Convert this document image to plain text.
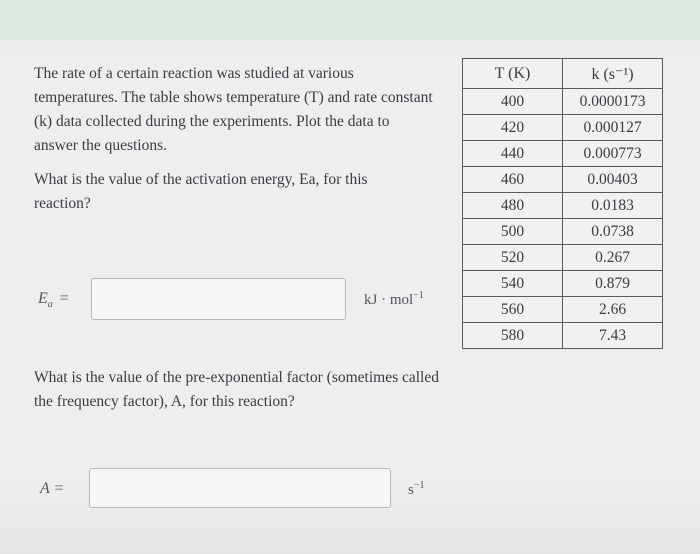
The rate of a certain reaction was studied at various temperatures. The table shows temperature (T) and rate constant (k) data collected during the experiments. Plot the data to answer the questions.
What is the value of the activation energy, Ea, for this reaction?
$E_a$ =	kJ · mol$^{-1}$
What is the value of the pre-exponential factor (sometimes called the frequency factor), A, for this reaction?
A =	$s^{-1}$
T (K)	k (s⁻¹)
400	0.0000173
420	0.000127
440	0.000773
460	0.00403
480	0.0183
500	0.0738
520	0.267
540	0.879
560	2.66
580	7.43
